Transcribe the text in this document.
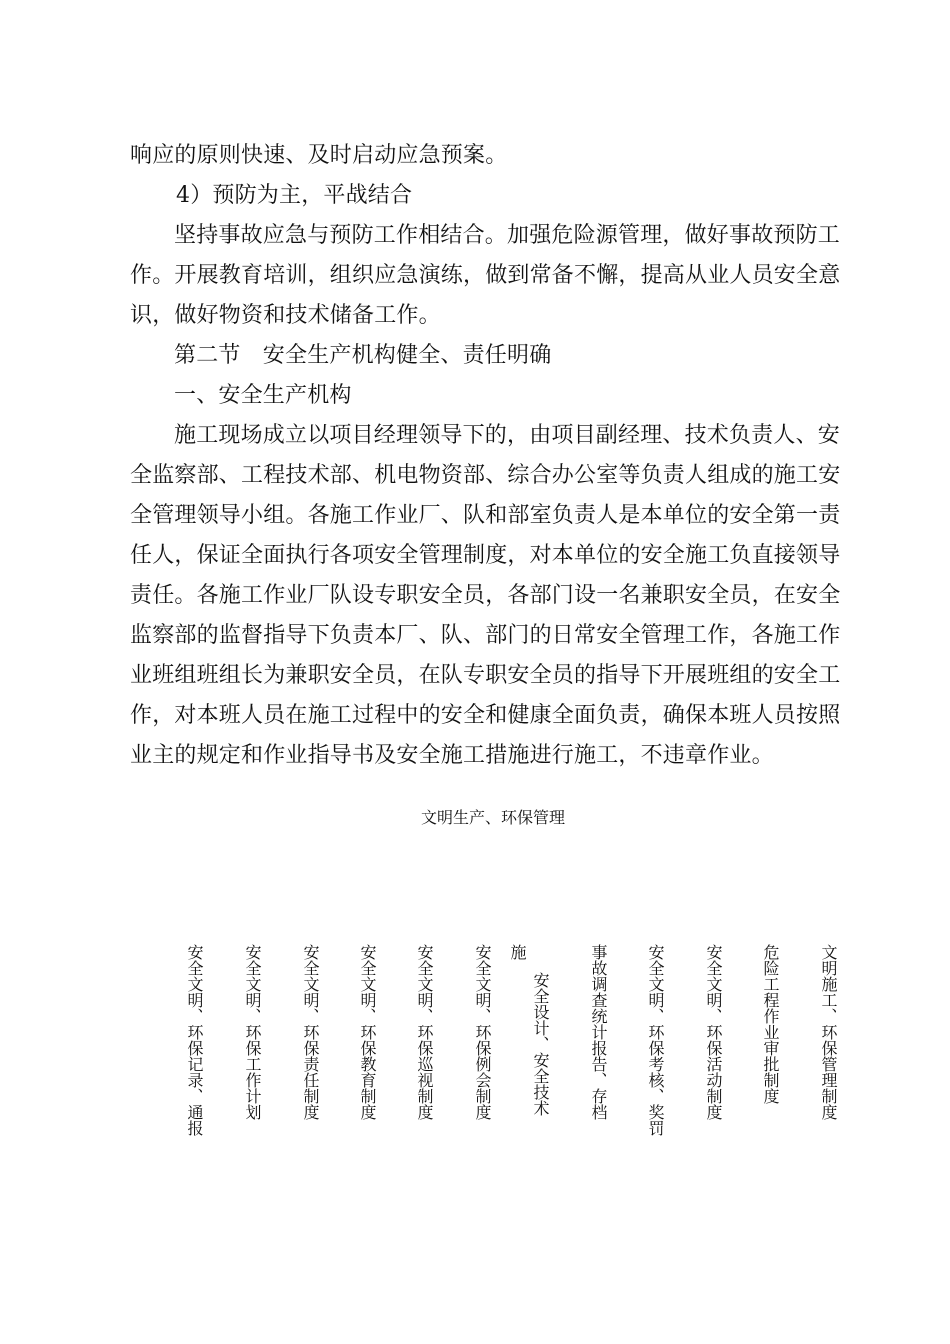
响应的原则快速、及时启动应急预案。
4）预防为主，平战结合
坚持事故应急与预防工作相结合。加强危险源管理，做好事故预防工
作。开展教育培训，组织应急演练，做到常备不懈，提高从业人员安全意
识，做好物资和技术储备工作。
第二节　安全生产机构健全、责任明确
一、安全生产机构
施工现场成立以项目经理领导下的，由项目副经理、技术负责人、安
全监察部、工程技术部、机电物资部、综合办公室等负责人组成的施工安
全管理领导小组。各施工作业厂、队和部室负责人是本单位的安全第一责
任人，保证全面执行各项安全管理制度，对本单位的安全施工负直接领导
责任。各施工作业厂队设专职安全员，各部门设一名兼职安全员，在安全
监察部的监督指导下负责本厂、队、部门的日常安全管理工作，各施工作
业班组班组长为兼职安全员，在队专职安全员的指导下开展班组的安全工
作，对本班人员在施工过程中的安全和健康全面负责，确保本班人员按照
业主的规定和作业指导书及安全施工措施进行施工，不违章作业。
文明生产、环保管理
安全文明、环保记录、通报	安全文明、环保工作计划	安全文明、环保责任制度	安全文明、环保教育制度	安全文明、环保巡视制度	安全文明、环保例会制度	施
安全设计、安全技术	事故调查统计报告、存档	安全文明、环保考核、奖罚	安全文明、环保活动制度	危险工程作业审批制度	文明施工、环保管理制度
